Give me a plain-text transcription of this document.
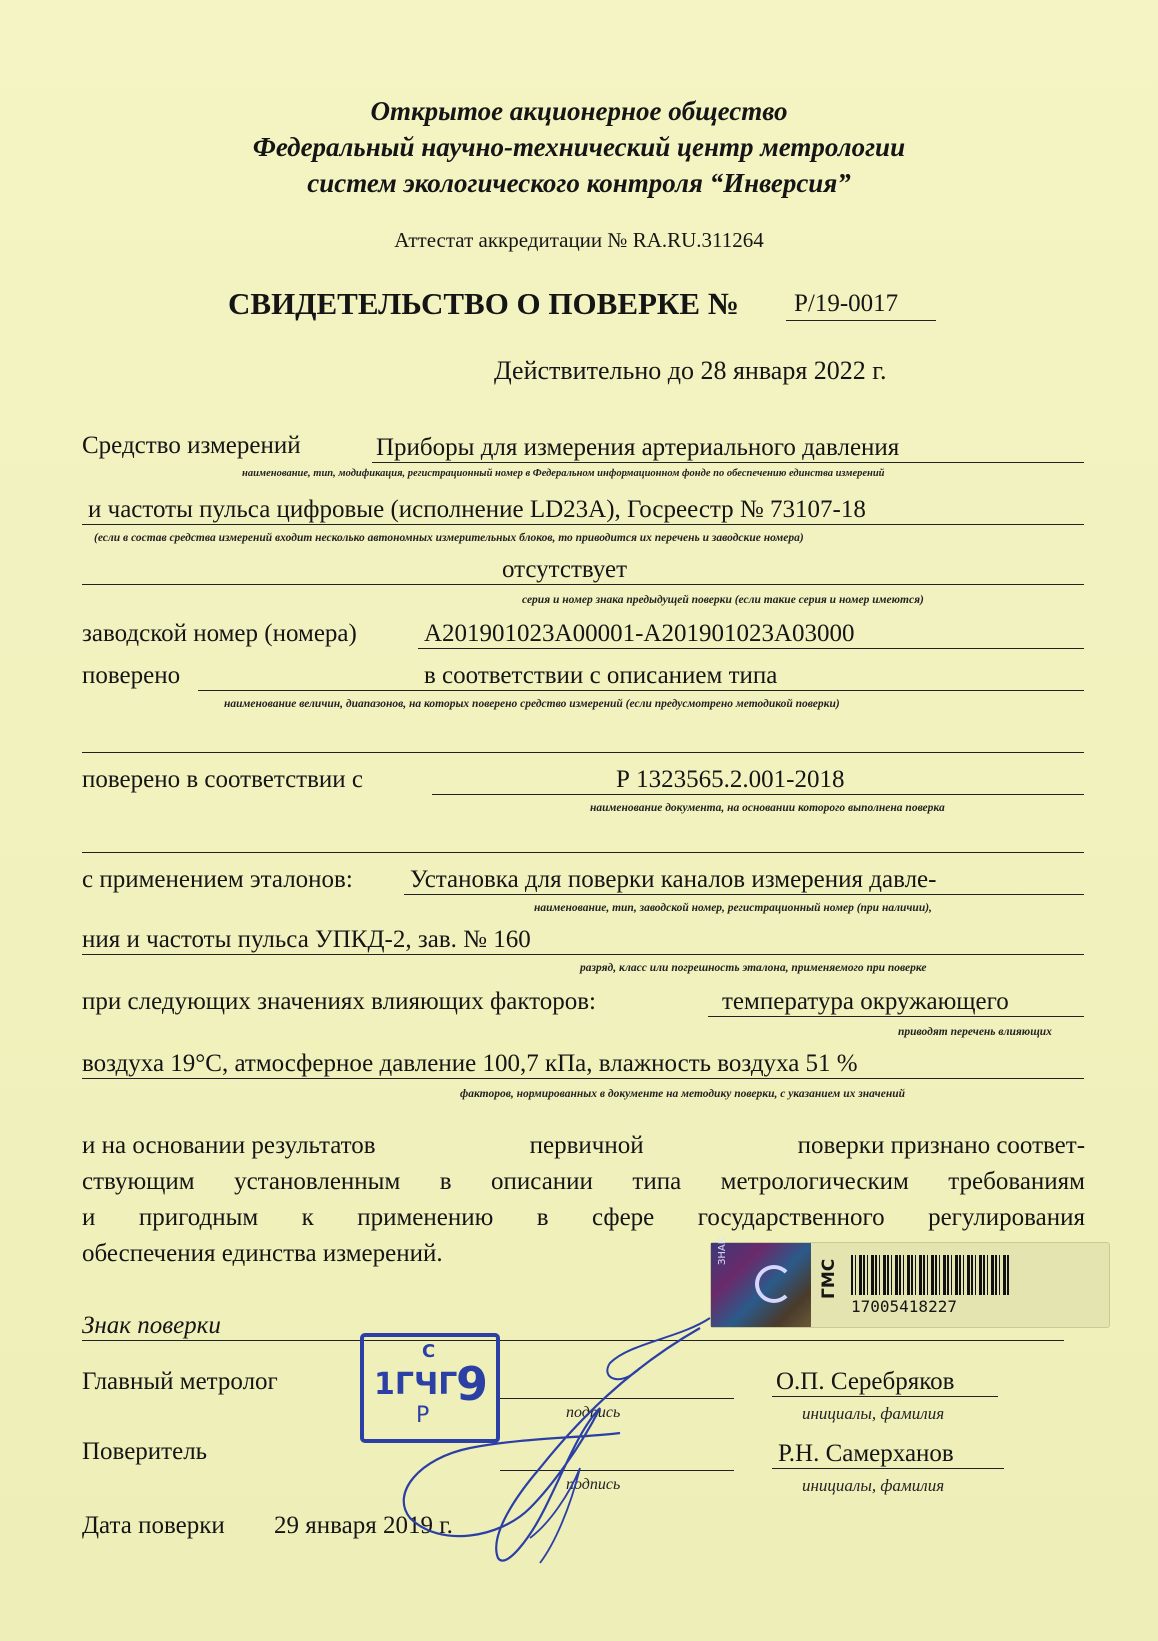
Открытое акционерное общество
Федеральный научно-технический центр метрологии
систем экологического контроля “Инверсия”
Аттестат аккредитации № RA.RU.311264
СВИДЕТЕЛЬСТВО О ПОВЕРКЕ № Р/19-0017
Действительно до 28 января 2022 г.
Средство измерений	Приборы для измерения артериального давления
наименование, тип, модификация, регистрационный номер в Федеральном информационном фонде по обеспечению единства измерений
и частоты пульса цифровые (исполнение LD23A), Госреестр № 73107-18
(если в состав средства измерений входит несколько автономных измерительных блоков, то приводится их перечень и заводские номера)
отсутствует
серия и номер знака предыдущей поверки (если такие серия и номер имеются)
заводской номер (номера)	A201901023A00001-A201901023A03000
поверено	в соответствии с описанием типа
наименование величин, диапазонов, на которых поверено средство измерений (если предусмотрено методикой поверки)
поверено в соответствии с	Р 1323565.2.001-2018
наименование документа, на основании которого выполнена поверка
с применением эталонов: Установка для поверки каналов измерения давле-
наименование, тип, заводской номер, регистрационный номер (при наличии),
ния и частоты пульса УПКД-2, зав. № 160
разряд, класс или погрешность эталона, применяемого при поверке
при следующих значениях влияющих факторов:	температура окружающего
приводят перечень влияющих
воздуха 19°С, атмосферное давление 100,7 кПа, влажность воздуха 51 %
факторов, нормированных в документе на методику поверки, с указанием их значений
и на основании результатов	первичной	поверки признано соответ-
ствующим установленным в описании типа метрологическим требованиям
и пригодным к применению в сфере государственного регулирования
обеспечения единства измерений.	ЗНАК
ГМС
17005418227
Знак поверки
Главный метролог
подпись
О.П. Серебряков
инициалы, фамилия
Поверитель
подпись
Р.Н. Самерханов
инициалы, фамилия
Дата поверки 29 января 2019 г.
С
1ГЧГ
9
Р
